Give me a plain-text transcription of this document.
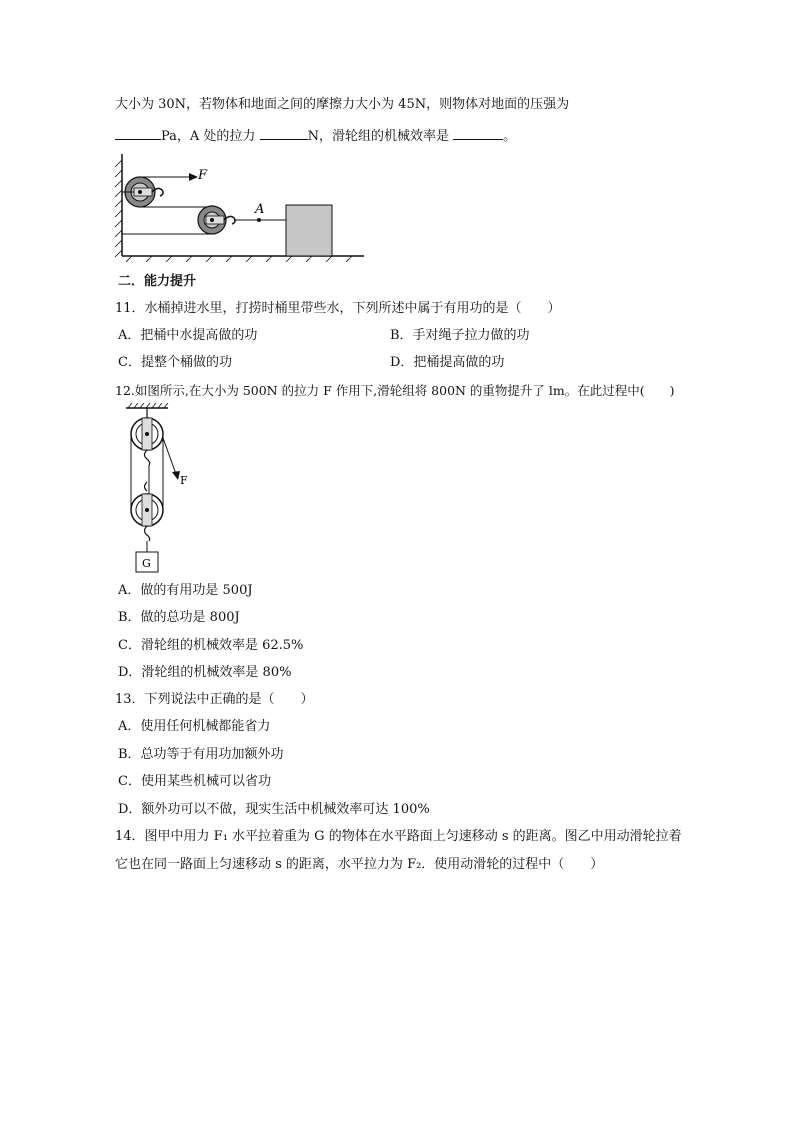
大小为 30N，若物体和地面之间的摩擦力大小为 45N，则物体对地面的压强为
Pa，A 处的拉力	N，滑轮组的机械效率是	。
F
A
二．能力提升
11．水桶掉进水里，打捞时桶里带些水，下列所述中属于有用功的是（　　）
A．把桶中水提高做的功	B．手对绳子拉力做的功
C．提整个桶做的功	D．把桶提高做的功
12.如图所示,在大小为 500N 的拉力 F 作用下,滑轮组将 800N 的重物提升了 lm。在此过程中(　　)
F
G
A．做的有用功是 500J
B．做的总功是 800J
C．滑轮组的机械效率是 62.5%
D．滑轮组的机械效率是 80%
13．下列说法中正确的是（　　）
A．使用任何机械都能省力
B．总功等于有用功加额外功
C．使用某些机械可以省功
D．额外功可以不做，现实生活中机械效率可达 100%
14．图甲中用力 F₁ 水平拉着重为 G 的物体在水平路面上匀速移动 s 的距离。图乙中用动滑轮拉着
它也在同一路面上匀速移动 s 的距离，水平拉力为 F₂．使用动滑轮的过程中（　　）
